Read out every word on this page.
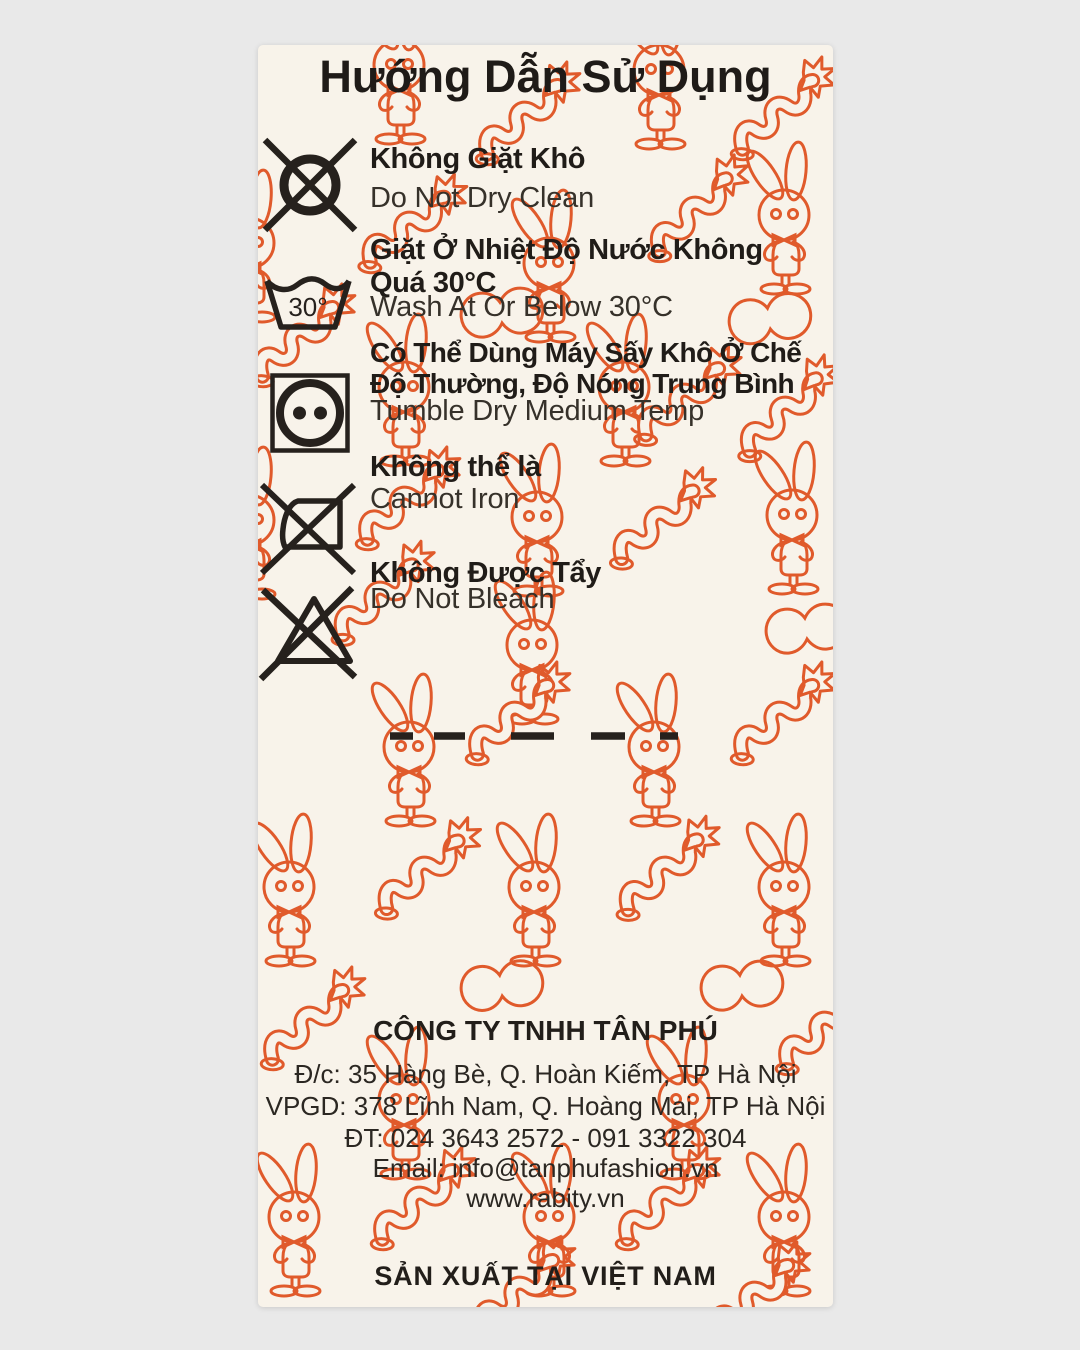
Hướng Dẫn Sử Dụng
Không Giặt Khô
Do Not Dry Clean
30°
Giặt Ở Nhiệt Độ Nước Không
Quá 30°C
Wash At Or Below 30°C
Có Thể Dùng Máy Sấy Khô Ở Chế
Độ Thường, Độ Nóng Trung Bình
Tumble Dry Medium Temp
Không thể là
Cannot Iron
Không Được Tẩy
Do Not Bleach
CÔNG TY TNHH TÂN PHÚ
Đ/c: 35 Hàng Bè, Q. Hoàn Kiếm, TP Hà Nội
VPGD: 378 Lĩnh Nam, Q. Hoàng Mai, TP Hà Nội
ĐT: 024 3643 2572 - 091 3322 304
Email: info@tanphufashion.vn
www.rabity.vn
SẢN XUẤT TẠI VIỆT NAM
